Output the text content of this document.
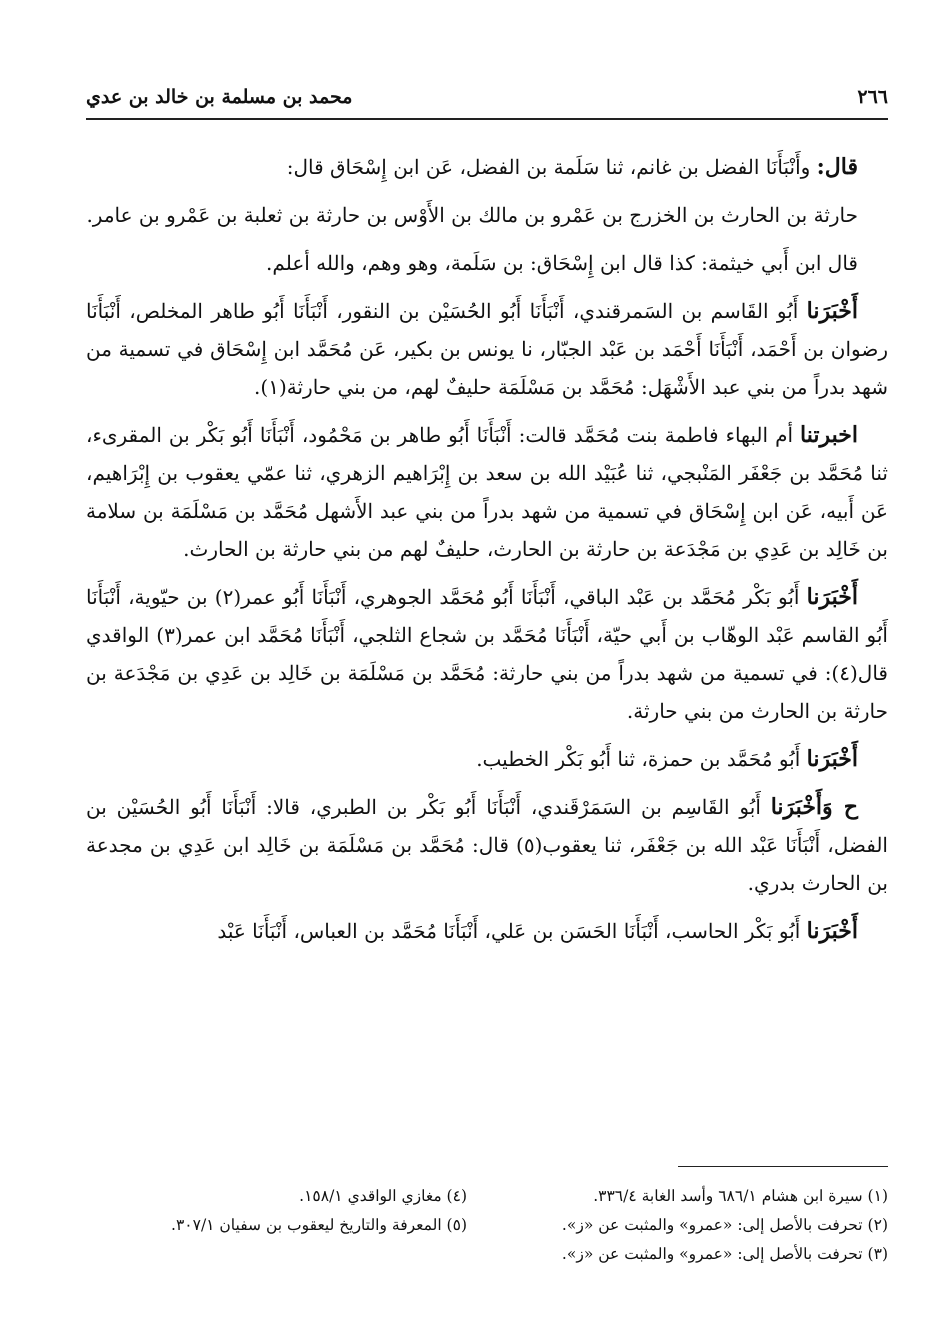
٢٦٦
محمد بن مسلمة بن خالد بن عدي

قال: وأَنْبَأَنَا الفضل بن غانم، ثنا سَلَمة بن الفضل، عَن ابن إِسْحَاق قال:

حارثة بن الحارث بن الخزرج بن عَمْرو بن مالك بن الأَوْس بن حارثة بن ثعلبة بن عَمْرو بن عامر.

قال ابن أَبي خيثمة: كذا قال ابن إِسْحَاق: بن سَلَمة، وهو وهم، والله أعلم.

أَخْبَرَنا أَبُو القَاسم بن السَمرقندي، أَنْبَأَنَا أَبُو الحُسَيْن بن النقور، أَنْبَأَنَا أَبُو طاهر المخلص، أَنْبَأَنَا رضوان بن أَحْمَد، أَنْبَأَنَا أَحْمَد بن عَبْد الجبّار، نا يونس بن بكير، عَن مُحَمَّد ابن إِسْحَاق في تسمية من شهد بدراً من بني عبد الأَشْهَل: مُحَمَّد بن مَسْلَمَة حليفٌ لهم، من بني حارثة(١).

اخبرتنا أم البهاء فاطمة بنت مُحَمَّد قالت: أَنْبَأَنَا أَبُو طاهر بن مَحْمُود، أَنْبَأَنَا أَبُو بَكْر بن المقرىء، ثنا مُحَمَّد بن جَعْفَر المَنْبجي، ثنا عُبَيْد الله بن سعد بن إِبْرَاهيم الزهري، ثنا عمّي يعقوب بن إِبْرَاهيم، عَن أَبيه، عَن ابن إِسْحَاق في تسمية من شهد بدراً من بني عبد الأَشهل مُحَمَّد بن مَسْلَمَة بن سلامة بن خَالِد بن عَدِي بن مَجْدَعة بن حارثة بن الحارث، حليفٌ لهم من بني حارثة بن الحارث.

أَخْبَرَنا أَبُو بَكْر مُحَمَّد بن عَبْد الباقي، أَنْبَأَنَا أَبُو مُحَمَّد الجوهري، أَنْبَأَنَا أَبُو عمر(٢) بن حيّوية، أَنْبَأَنَا أَبُو القاسم عَبْد الوهّاب بن أَبي حيّة، أَنْبَأَنَا مُحَمَّد بن شجاع الثلجي، أَنْبَأَنَا مُحَمَّد ابن عمر(٣) الواقدي قال(٤): في تسمية من شهد بدراً من بني حارثة: مُحَمَّد بن مَسْلَمَة بن خَالِد بن عَدِي بن مَجْدَعة بن حارثة بن الحارث من بني حارثة.

أَخْبَرَنا أَبُو مُحَمَّد بن حمزة، ثنا أَبُو بَكْر الخطيب.

ح وَأَخْبَرَنا أَبُو القَاسِم بن السَمَرْقَندي، أَنْبَأَنَا أَبُو بَكْر بن الطبري، قالا: أَنْبَأَنَا أَبُو الحُسَيْن بن الفضل، أَنْبَأَنَا عَبْد الله بن جَعْفَر، ثنا يعقوب(٥) قال: مُحَمَّد بن مَسْلَمَة بن خَالِد ابن عَدِي بن مجدعة بن الحارث بدري.

أَخْبَرَنا أَبُو بَكْر الحاسب، أَنْبَأَنَا الحَسَن بن عَلي، أَنْبَأَنَا مُحَمَّد بن العباس، أَنْبَأَنَا عَبْد

(١) سيرة ابن هشام ٦٨٦/١ وأسد الغابة ٣٣٦/٤.
(٤) مغازي الواقدي ١٥٨/١.
(٢) تحرفت بالأصل إلى: «عمرو» والمثبت عن «ز».
(٥) المعرفة والتاريخ ليعقوب بن سفيان ٣٠٧/١.
(٣) تحرفت بالأصل إلى: «عمرو» والمثبت عن «ز».
